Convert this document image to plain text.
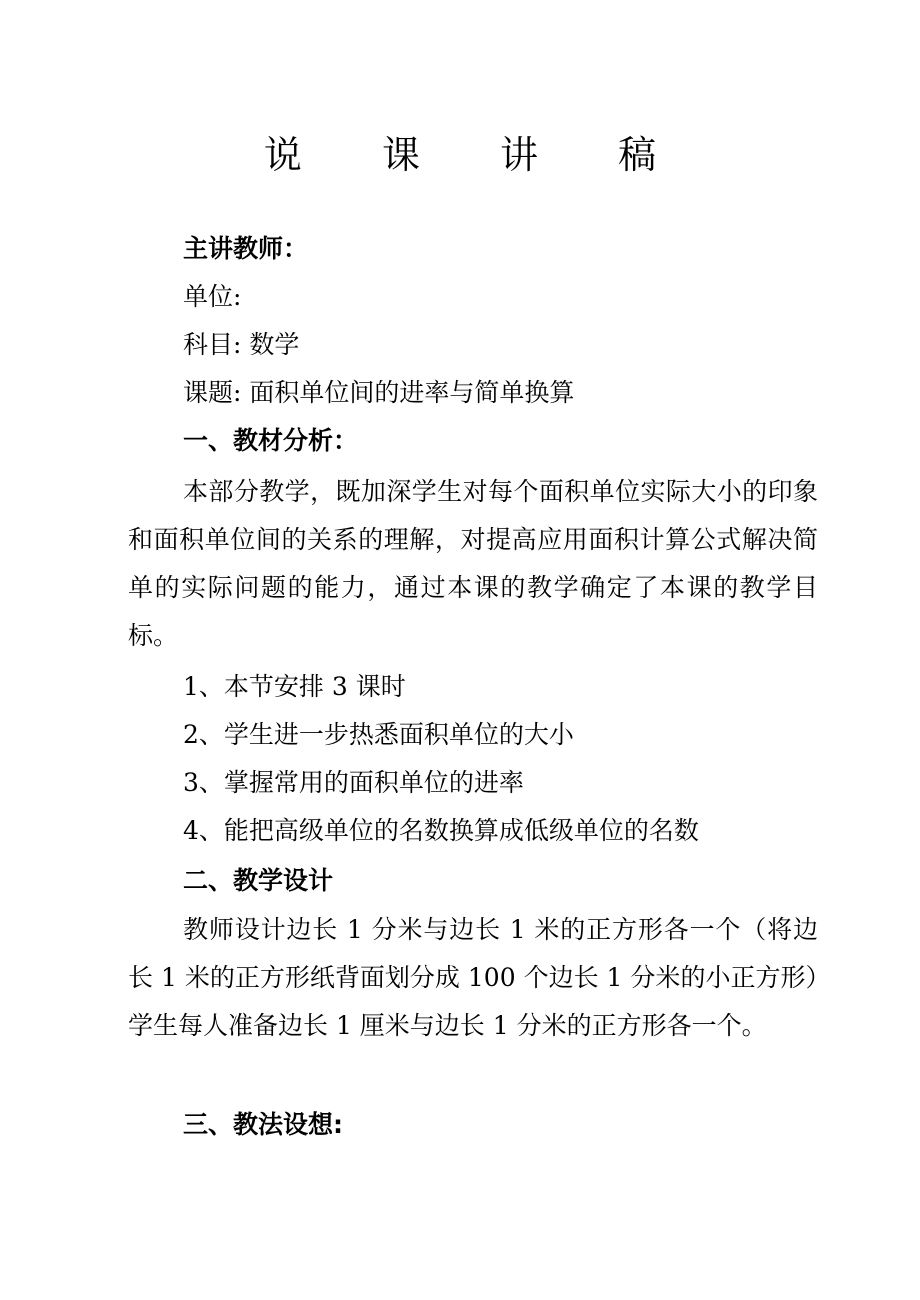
说 课 讲 稿
主讲教师：
单位:
科目: 数学
课题: 面积单位间的进率与简单换算
一、教材分析：
本部分教学，既加深学生对每个面积单位实际大小的印象和面积单位间的关系的理解，对提高应用面积计算公式解决简单的实际问题的能力，通过本课的教学确定了本课的教学目标。
1、本节安排 3 课时
2、学生进一步热悉面积单位的大小
3、掌握常用的面积单位的进率
4、能把高级单位的名数换算成低级单位的名数
二、教学设计
教师设计边长 1 分米与边长 1 米的正方形各一个（将边长 1 米的正方形纸背面划分成 100 个边长 1 分米的小正方形）学生每人准备边长 1 厘米与边长 1 分米的正方形各一个。
三、教法设想:
